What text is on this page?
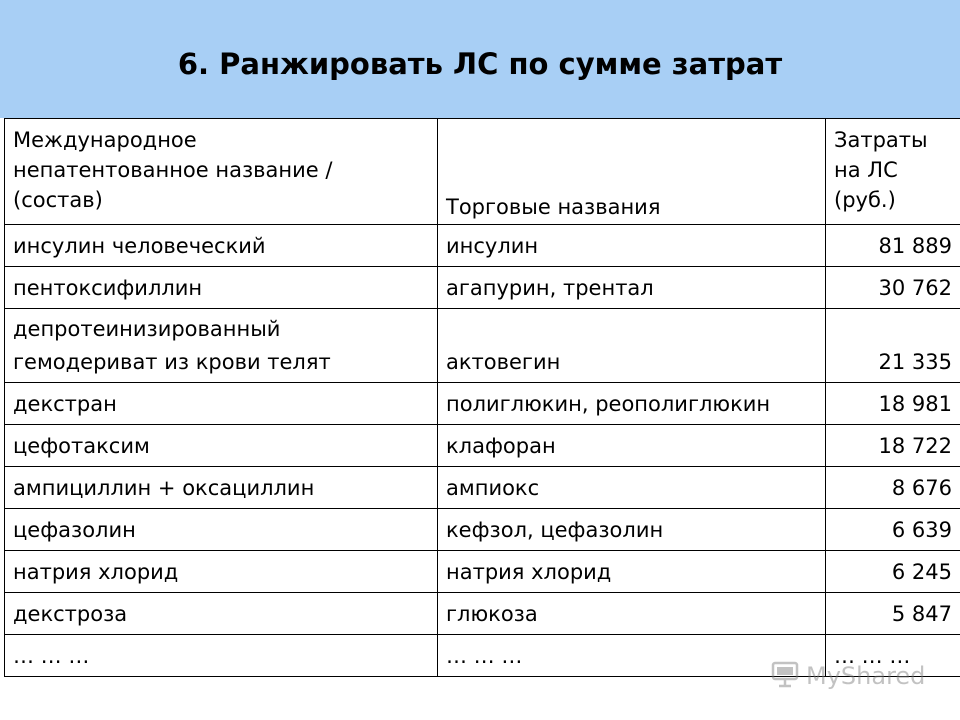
6. Ранжировать ЛС по сумме затрат
Международное
непатентованное название /
(состав)	Торговые названия	Затраты
на ЛС
(руб.)
инсулин человеческий	инсулин	81 889
пентоксифиллин	агапурин, трентал	30 762
депротеинизированный
гемодериват из крови телят	актовегин	21 335
декстран	полиглюкин, реополиглюкин	18 981
цефотаксим	клафоран	18 722
ампициллин + оксациллин	ампиокс	8 676
цефазолин	кефзол, цефазолин	6 639
натрия хлорид	натрия хлорид	6 245
декстроза	глюкоза	5 847
… … …	… … …	… … …
MyShared
